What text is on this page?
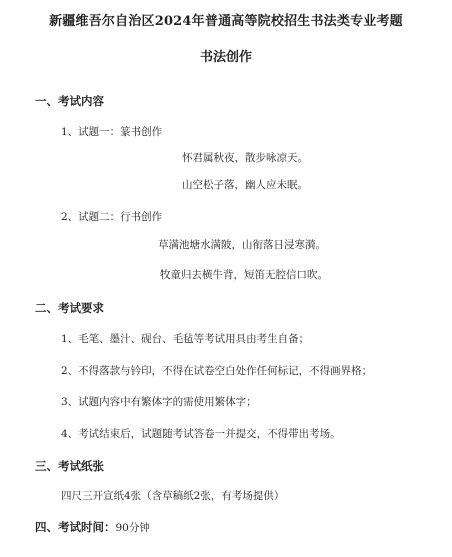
新疆维吾尔自治区2024年普通高等院校招生书法类专业考题
书法创作
一、考试内容
1、试题一：篆书创作
怀君属秋夜，散步咏凉天。
山空松子落，幽人应未眠。
2、试题二：行书创作
草满池塘水满陂，山衔落日浸寒漪。
牧童归去横牛背，短笛无腔信口吹。
二、考试要求
1、毛笔、墨汁、砚台、毛毡等考试用具由考生自备；
2、不得落款与钤印，不得在试卷空白处作任何标记，不得画界格；
3、试题内容中有繁体字的需使用繁体字；
4、考试结束后，试题随考试答卷一并提交，不得带出考场。
三、考试纸张
四尺三开宣纸4张（含草稿纸2张，有考场提供）
四、考试时间：90分钟
